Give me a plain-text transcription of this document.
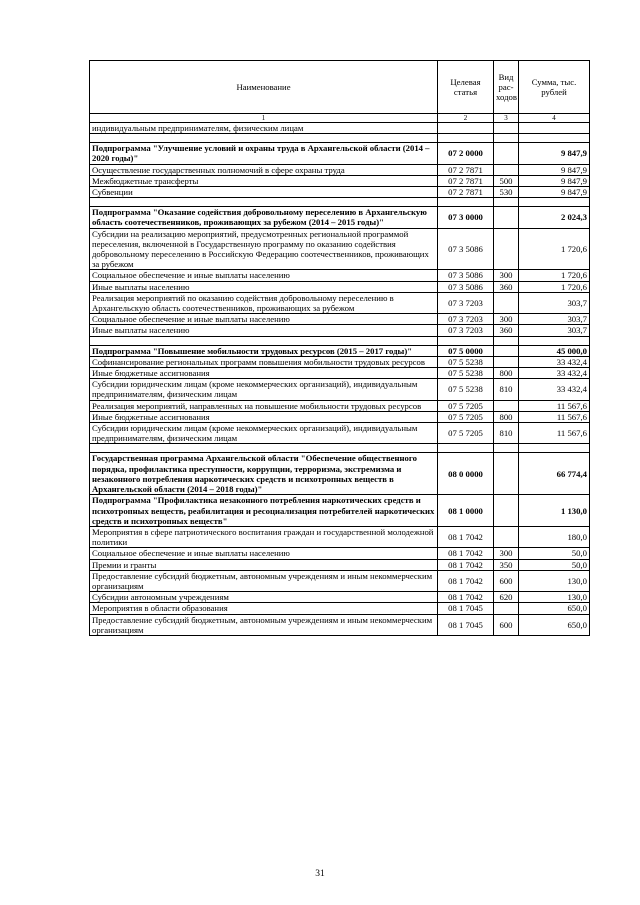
Наименование	Целевая статья	Вид рас-ходов	Сумма, тыс. рублей
1	2	3	4
индивидуальным предпринимателям, физическим лицам			

Подпрограмма "Улучшение условий и охраны труда в Архангельской области (2014 – 2020 годы)"	07 2 0000		9 847,9
Осуществление государственных полномочий в сфере охраны труда	07 2 7871		9 847,9
Межбюджетные трансферты	07 2 7871	500	9 847,9
Субвенции	07 2 7871	530	9 847,9

Подпрограмма "Оказание содействия добровольному переселению в Архангельскую область соотечественников, проживающих за рубежом (2014 – 2015 годы)"	07 3 0000		2 024,3
Субсидии на реализацию мероприятий, предусмотренных региональной программой переселения, включенной в Государственную программу по оказанию содействия добровольному переселению в Российскую Федерацию соотечественников, проживающих за рубежом	07 3 5086		1 720,6
Социальное обеспечение и иные выплаты населению	07 3 5086	300	1 720,6
Иные выплаты населению	07 3 5086	360	1 720,6
Реализация мероприятий по оказанию содействия добровольному переселению в Архангельскую область соотечественников, проживающих за рубежом	07 3 7203		303,7
Социальное обеспечение и иные выплаты населению	07 3 7203	300	303,7
Иные выплаты населению	07 3 7203	360	303,7

Подпрограмма "Повышение мобильности трудовых ресурсов (2015 – 2017 годы)"	07 5 0000		45 000,0
Софинансирование региональных программ повышения мобильности трудовых ресурсов	07 5 5238		33 432,4
Иные бюджетные ассигнования	07 5 5238	800	33 432,4
Субсидии юридическим лицам (кроме некоммерческих организаций), индивидуальным предпринимателям, физическим лицам	07 5 5238	810	33 432,4
Реализация мероприятий, направленных на повышение мобильности трудовых ресурсов	07 5 7205		11 567,6
Иные бюджетные ассигнования	07 5 7205	800	11 567,6
Субсидии юридическим лицам (кроме некоммерческих организаций), индивидуальным предпринимателям, физическим лицам	07 5 7205	810	11 567,6

Государственная программа Архангельской области "Обеспечение общественного порядка, профилактика преступности, коррупции, терроризма, экстремизма и незаконного потребления наркотических средств и психотропных веществ в Архангельской области (2014 – 2018 годы)"	08 0 0000		66 774,4
Подпрограмма "Профилактика незаконного потребления наркотических средств и психотропных веществ, реабилитация и ресоциализация потребителей наркотических средств и психотропных веществ"	08 1 0000		1 130,0
Мероприятия в сфере патриотического воспитания граждан и государственной молодежной политики	08 1 7042		180,0
Социальное обеспечение и иные выплаты населению	08 1 7042	300	50,0
Премии и гранты	08 1 7042	350	50,0
Предоставление субсидий бюджетным, автономным учреждениям и иным некоммерческим организациям	08 1 7042	600	130,0
Субсидии автономным учреждениям	08 1 7042	620	130,0
Мероприятия в области образования	08 1 7045		650,0
Предоставление субсидий бюджетным, автономным учреждениям и иным некоммерческим организациям	08 1 7045	600	650,0
31
